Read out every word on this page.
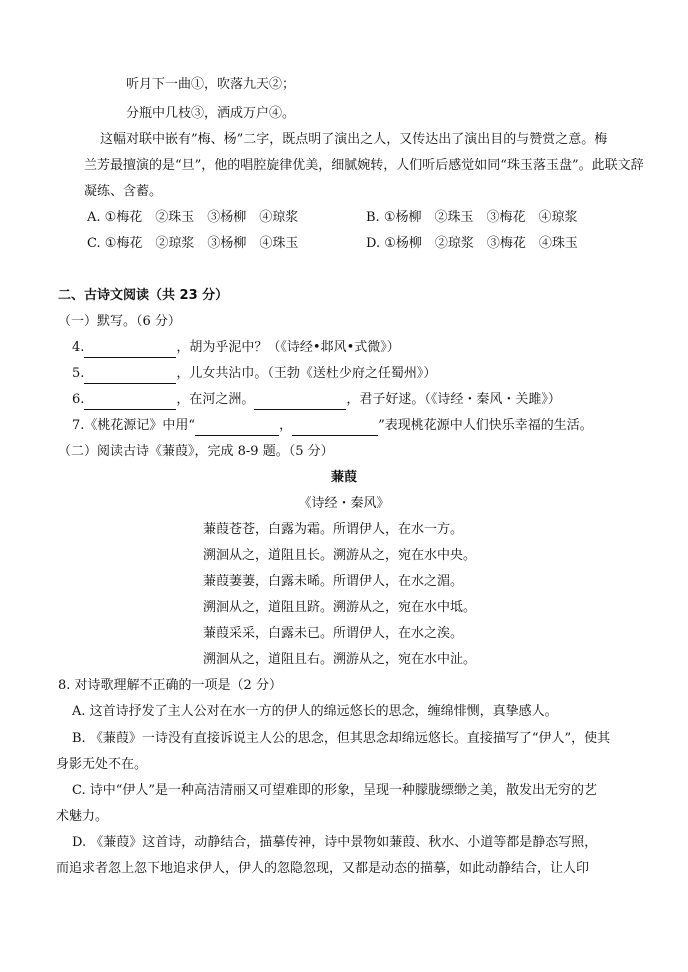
听月下一曲①，吹落九天②；
分瓶中几枝③，洒成万户④。
这幅对联中嵌有”梅、杨”二字，既点明了演出之人，又传达出了演出目的与赞赏之意。梅
兰芳最擅演的是“旦”，他的唱腔旋律优美，细腻婉转，人们听后感觉如同“珠玉落玉盘”。此联文辞
凝练、含蓄。
A. ①梅花　②珠玉　③杨柳　④琼浆	B. ①杨柳　②珠玉　③梅花　④琼浆
C. ①梅花　②琼浆　③杨柳　④珠玉	D. ①杨柳　②琼浆　③梅花　④珠玉
二、古诗文阅读（共 23 分）
（一）默写。（6 分）
4.	，胡为乎泥中？（《诗经•邶风•式微》）
5.	，儿女共沾巾。（王勃《送杜少府之任蜀州》）
6.	，在河之洲。	，君子好逑。（《诗经・秦风・关雎》）
7.《桃花源记》中用“	，	”表现桃花源中人们快乐幸福的生活。
（二）阅读古诗《蒹葭》，完成 8-9 题。（5 分）
蒹葭
《诗经・秦风》
蒹葭苍苍，白露为霜。所谓伊人，在水一方。
溯洄从之，道阻且长。溯游从之，宛在水中央。
蒹葭萋萋，白露未晞。所谓伊人，在水之湄。
溯洄从之，道阻且跻。溯游从之，宛在水中坻。
蒹葭采采，白露未已。所谓伊人，在水之涘。
溯洄从之，道阻且右。溯游从之，宛在水中沚。
8. 对诗歌理解不正确的一项是（2 分）
A. 这首诗抒发了主人公对在水一方的伊人的绵远悠长的思念，缠绵悱恻，真挚感人。
B. 《蒹葭》一诗没有直接诉说主人公的思念，但其思念却绵远悠长。直接描写了“伊人”，使其
身影无处不在。
C. 诗中“伊人”是一种高洁清丽又可望难即的形象，呈现一种朦胧缥缈之美，散发出无穷的艺
术魅力。
D. 《蒹葭》这首诗，动静结合，描摹传神，诗中景物如蒹葭、秋水、小道等都是静态写照，
而追求者忽上忽下地追求伊人，伊人的忽隐忽现，又都是动态的描摹，如此动静结合，让人印
